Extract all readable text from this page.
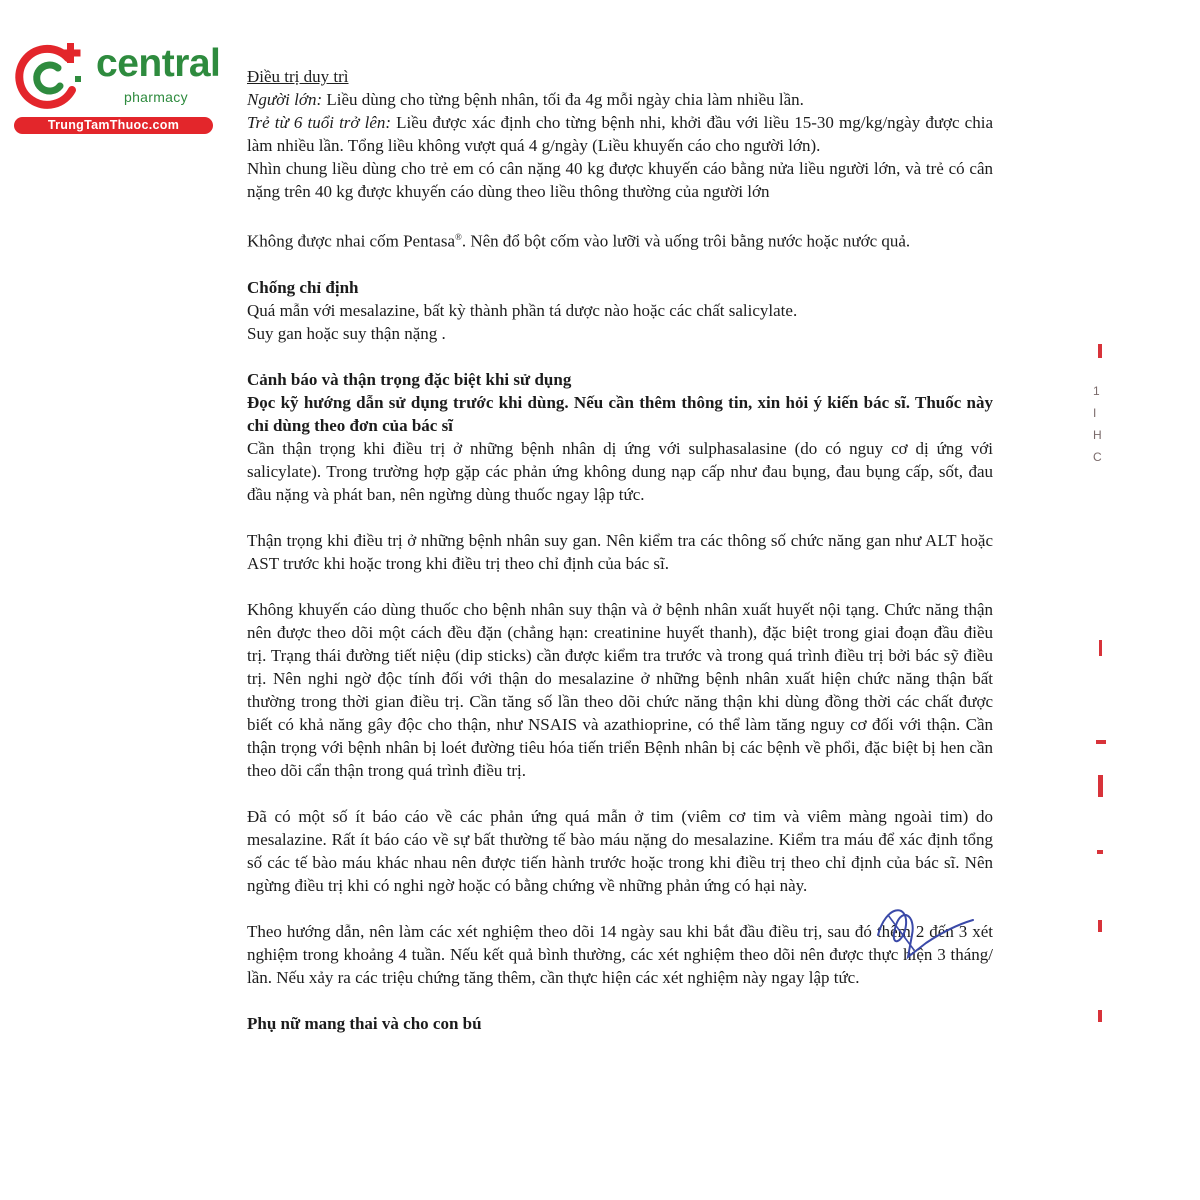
central
pharmacy
TrungTamThuoc.com

Điều trị duy trì

Người lớn: Liều dùng cho từng bệnh nhân, tối đa 4g mỗi ngày chia làm nhiều lần.

Trẻ từ 6 tuổi trở lên: Liều được xác định cho từng bệnh nhi, khởi đầu với liều 15-30 mg/kg/ngày được chia làm nhiều lần. Tổng liều không vượt quá 4 g/ngày (Liều khuyến cáo cho người lớn).

Nhìn chung liều dùng cho trẻ em có cân nặng 40 kg được khuyến cáo bằng nửa liều người lớn, và trẻ có cân nặng trên 40 kg được khuyến cáo dùng theo liều thông thường của người lớn

Không được nhai cốm Pentasa®. Nên đổ bột cốm vào lưỡi và uống trôi bằng nước hoặc nước quả.

Chống chỉ định

Quá mẫn với mesalazine, bất kỳ thành phần tá dược nào hoặc các chất salicylate.

Suy gan hoặc suy thận nặng .

Cảnh báo và thận trọng đặc biệt khi sử dụng

Đọc kỹ hướng dẫn sử dụng trước khi dùng. Nếu cần thêm thông tin, xin hỏi ý kiến bác sĩ. Thuốc này chỉ dùng theo đơn của bác sĩ

Cần thận trọng khi điều trị ở những bệnh nhân dị ứng với sulphasalasine (do có nguy cơ dị ứng với salicylate). Trong trường hợp gặp các phản ứng không dung nạp cấp như đau bụng, đau bụng cấp, sốt, đau đầu nặng và phát ban, nên ngừng dùng thuốc ngay lập tức.

Thận trọng khi điều trị ở những bệnh nhân suy gan. Nên kiểm tra các thông số chức năng gan như ALT hoặc AST trước khi hoặc trong khi điều trị theo chỉ định của bác sĩ.

Không khuyến cáo dùng thuốc cho bệnh nhân suy thận và ở bệnh nhân xuất huyết nội tạng. Chức năng thận nên được theo dõi một cách đều đặn (chẳng hạn: creatinine huyết thanh), đặc biệt trong giai đoạn đầu điều trị. Trạng thái đường tiết niệu (dip sticks) cần được kiểm tra trước và trong quá trình điều trị bởi bác sỹ điều trị. Nên nghi ngờ độc tính đối với thận do mesalazine ở những bệnh nhân xuất hiện chức năng thận bất thường trong thời gian điều trị. Cần tăng số lần theo dõi chức năng thận khi dùng đồng thời các chất được biết có khả năng gây độc cho thận, như NSAIS và azathioprine, có thể làm tăng nguy cơ đối với thận. Cần thận trọng với bệnh nhân bị loét đường tiêu hóa tiến triển Bệnh nhân bị các bệnh về phổi, đặc biệt bị hen cần theo dõi cẩn thận trong quá trình điều trị.

Đã có một số ít báo cáo về các phản ứng quá mẫn ở tim (viêm cơ tim và viêm màng ngoài tim) do mesalazine. Rất ít báo cáo về sự bất thường tế bào máu nặng do mesalazine. Kiểm tra máu để xác định tổng số các tế bào máu khác nhau nên được tiến hành trước hoặc trong khi điều trị theo chỉ định của bác sĩ. Nên ngừng điều trị khi có nghi ngờ hoặc có bằng chứng về những phản ứng có hại này.

Theo hướng dẫn, nên làm các xét nghiệm theo dõi 14 ngày sau khi bắt đầu điều trị, sau đó thêm 2 đến 3 xét nghiệm trong khoảng 4 tuần. Nếu kết quả bình thường, các xét nghiệm theo dõi nên được thực hiện 3 tháng/ lần. Nếu xảy ra các triệu chứng tăng thêm, cần thực hiện các xét nghiệm này ngay lập tức.

Phụ nữ mang thai và cho con bú

1
I
H
C
